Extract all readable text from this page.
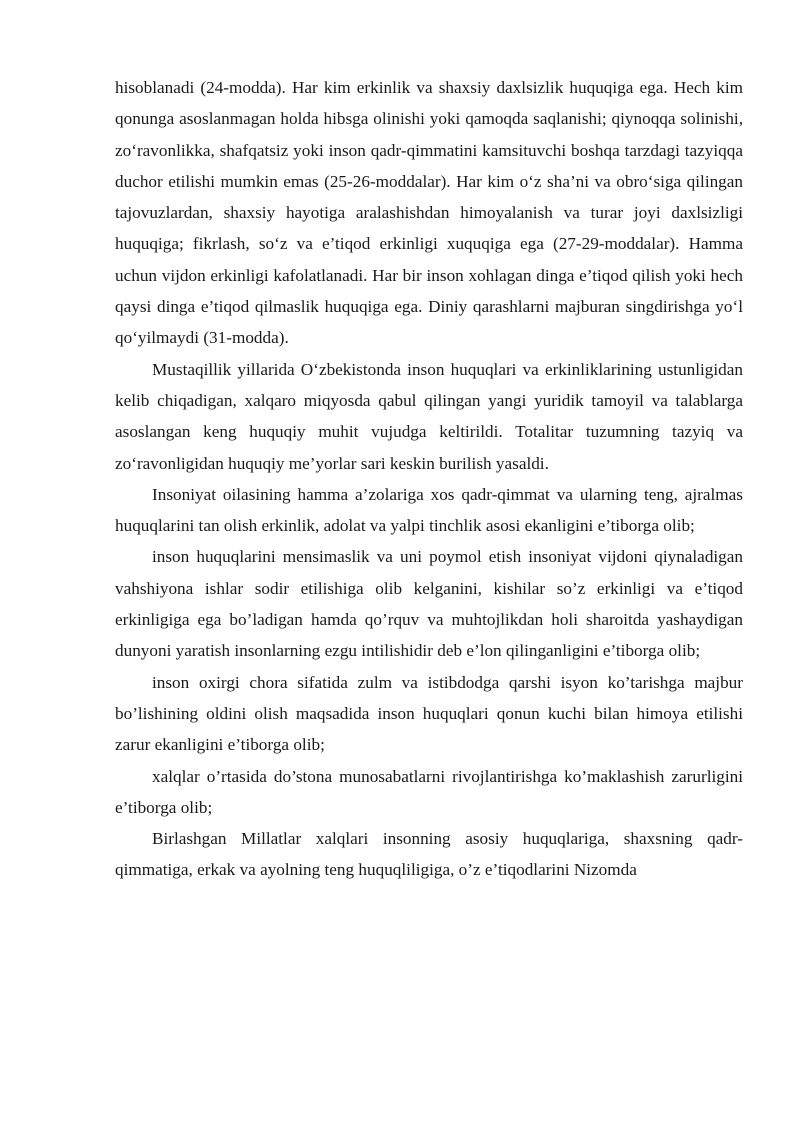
hisoblanadi (24-modda). Har kim erkinlik va shaxsiy daxlsizlik huquqiga ega. Hech kim qonunga asoslanmagan holda hibsga olinishi yoki qamoqda saqlanishi; qiynoqqa solinishi, zo‘ravonlikka, shafqatsiz yoki inson qadr-qimmatini kamsituvchi boshqa tarzdagi tazyiqqa duchor etilishi mumkin emas (25-26-moddalar). Har kim o‘z sha’ni va obro‘siga qilingan tajovuzlardan, shaxsiy hayotiga aralashishdan himoyalanish va turar joyi daxlsizligi huquqiga; fikrlash, so‘z va e’tiqod erkinligi xuquqiga ega (27-29-moddalar). Hamma uchun vijdon erkinligi kafolatlanadi. Har bir inson xohlagan dinga e’tiqod qilish yoki hech qaysi dinga e’tiqod qilmaslik huquqiga ega. Diniy qarashlarni majburan singdirishga yo‘l qo‘yilmaydi (31-modda).

Mustaqillik yillarida O‘zbekistonda inson huquqlari va erkinliklarining ustunligidan kelib chiqadigan, xalqaro miqyosda qabul qilingan yangi yuridik tamoyil va talablarga asoslangan keng huquqiy muhit vujudga keltirildi. Totalitar tuzumning tazyiq va zo‘ravonligidan huquqiy me’yorlar sari keskin burilish yasaldi.

Insoniyat oilasining hamma a’zolariga xos qadr-qimmat va ularning teng, ajralmas huquqlarini tan olish erkinlik, adolat va yalpi tinchlik asosi ekanligini e’tiborga olib;

inson huquqlarini mensimaslik va uni poymol etish insoniyat vijdoni qiynaladigan vahshiyona ishlar sodir etilishiga olib kelganini, kishilar so’z erkinligi va e’tiqod erkinligiga ega bo’ladigan hamda qo’rquv va muhtojlikdan holi sharoitda yashaydigan dunyoni yaratish insonlarning ezgu intilishidir deb e’lon qilinganligini e’tiborga olib;

inson oxirgi chora sifatida zulm va istibdodga qarshi isyon ko’tarishga majbur bo’lishining oldini olish maqsadida inson huquqlari qonun kuchi bilan himoya etilishi zarur ekanligini e’tiborga olib;

xalqlar o’rtasida do’stona munosabatlarni rivojlantirishga ko’maklashish zarurligini e’tiborga olib;

Birlashgan Millatlar xalqlari insonning asosiy huquqlariga, shaxsning qadr-qimmatiga, erkak va ayolning teng huquqliligiga, o’z e’tiqodlarini Nizomda
